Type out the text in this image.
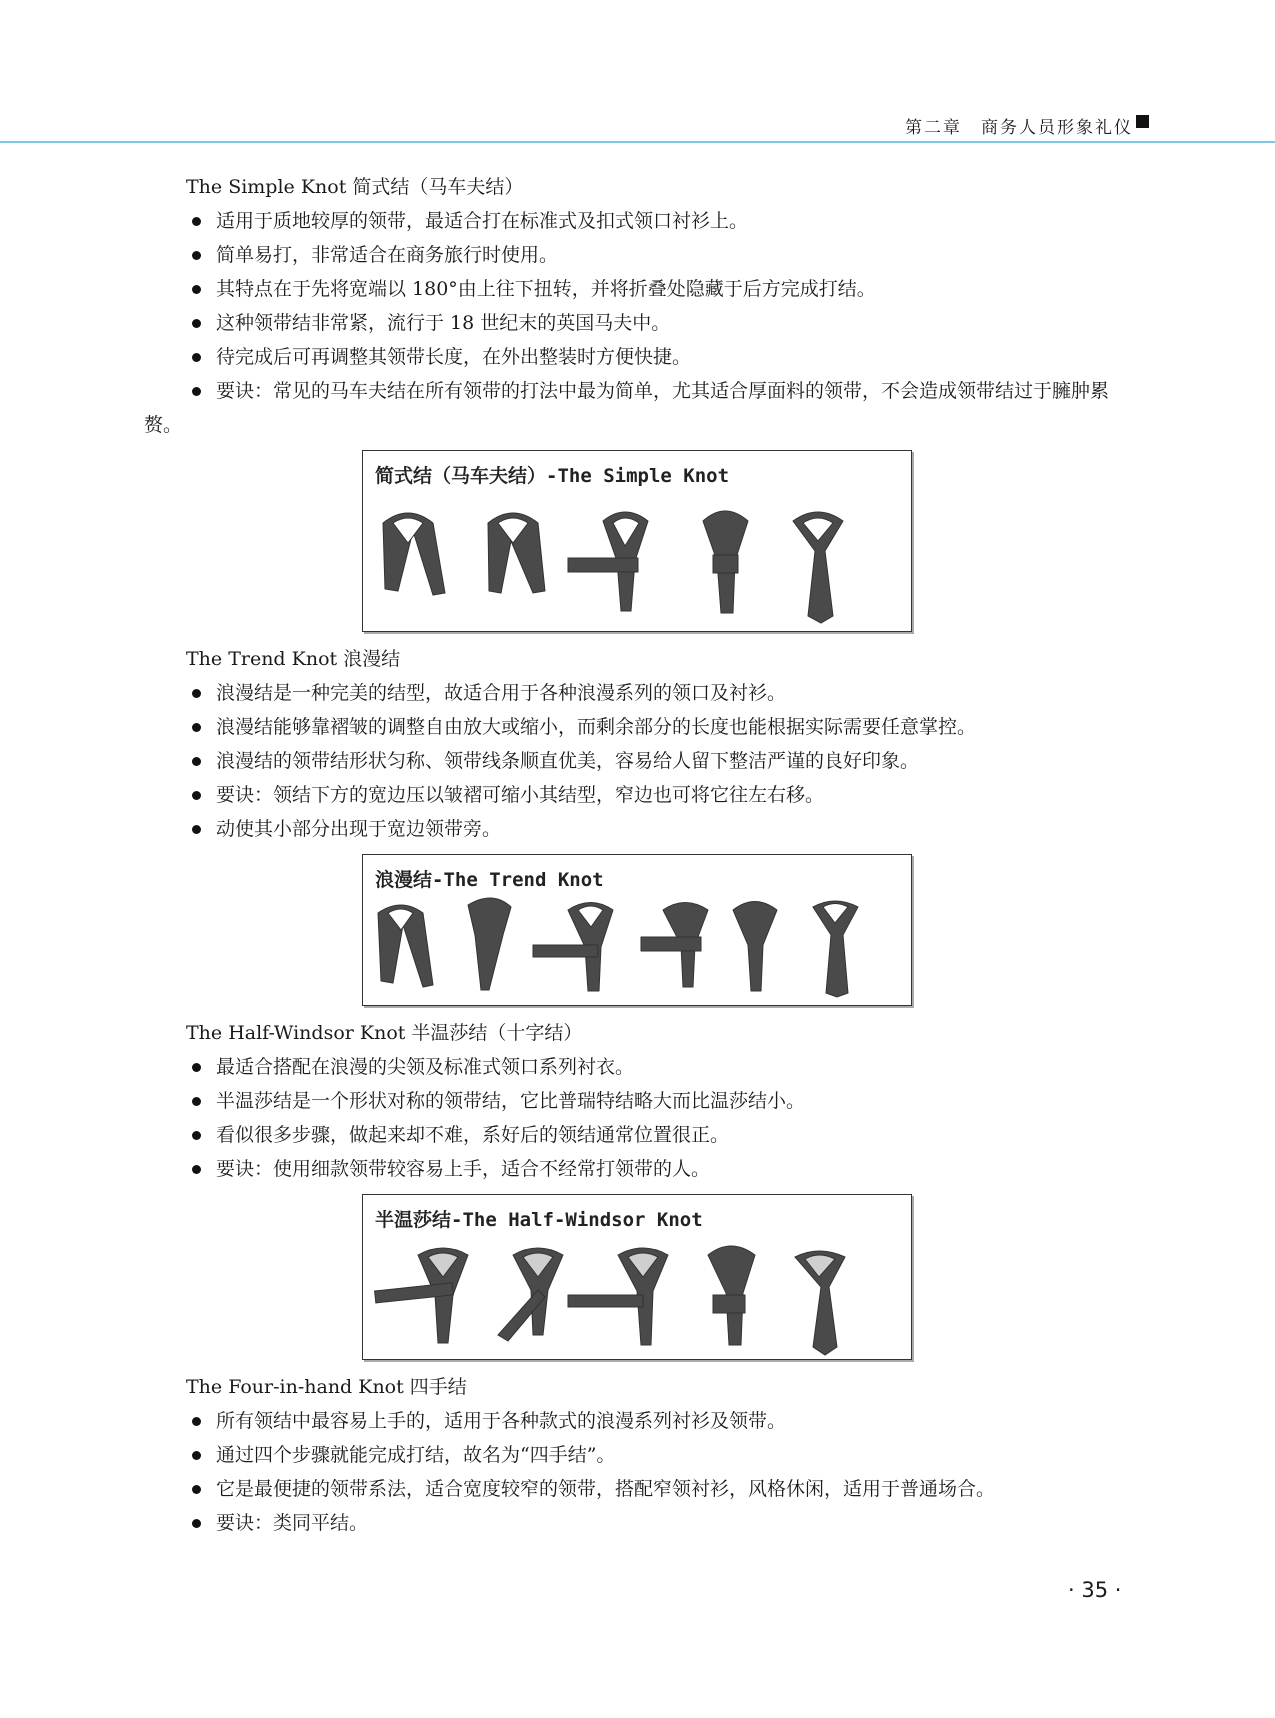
第二章　商务人员形象礼仪
The Simple Knot 简式结（马车夫结）
适用于质地较厚的领带，最适合打在标准式及扣式领口衬衫上。
简单易打，非常适合在商务旅行时使用。
其特点在于先将宽端以 180°由上往下扭转，并将折叠处隐藏于后方完成打结。
这种领带结非常紧，流行于 18 世纪末的英国马夫中。
待完成后可再调整其领带长度，在外出整装时方便快捷。
要诀：常见的马车夫结在所有领带的打法中最为简单，尤其适合厚面料的领带，不会造成领带结过于臃肿累赘。
简式结（马车夫结）-The Simple Knot
The Trend Knot 浪漫结
浪漫结是一种完美的结型，故适合用于各种浪漫系列的领口及衬衫。
浪漫结能够靠褶皱的调整自由放大或缩小，而剩余部分的长度也能根据实际需要任意掌控。
浪漫结的领带结形状匀称、领带线条顺直优美，容易给人留下整洁严谨的良好印象。
要诀：领结下方的宽边压以皱褶可缩小其结型，窄边也可将它往左右移。
动使其小部分出现于宽边领带旁。
浪漫结-The Trend Knot
The Half-Windsor Knot 半温莎结（十字结）
最适合搭配在浪漫的尖领及标准式领口系列衬衣。
半温莎结是一个形状对称的领带结，它比普瑞特结略大而比温莎结小。
看似很多步骤，做起来却不难，系好后的领结通常位置很正。
要诀：使用细款领带较容易上手，适合不经常打领带的人。
半温莎结-The Half-Windsor Knot
The Four-in-hand Knot 四手结
所有领结中最容易上手的，适用于各种款式的浪漫系列衬衫及领带。
通过四个步骤就能完成打结，故名为“四手结”。
它是最便捷的领带系法，适合宽度较窄的领带，搭配窄领衬衫，风格休闲，适用于普通场合。
要诀：类同平结。
· 35 ·
